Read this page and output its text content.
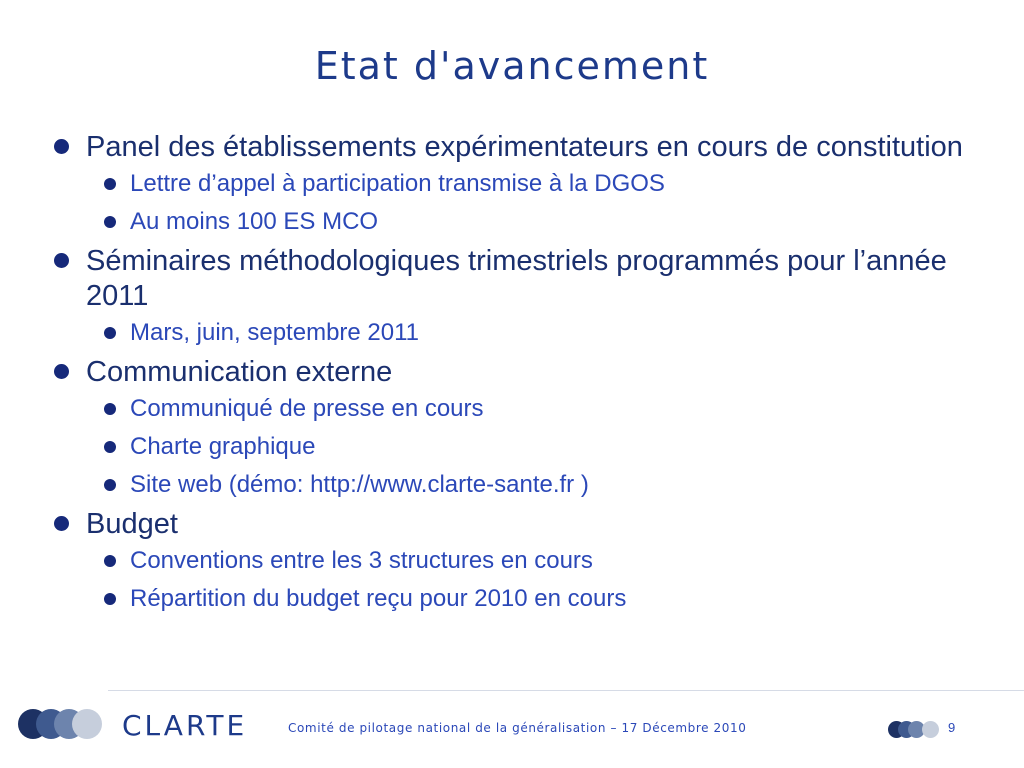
Etat d'avancement

Panel des établissements expérimentateurs en cours de constitution

Lettre d’appel à participation transmise à la DGOS

Au moins 100 ES MCO

Séminaires méthodologiques trimestriels programmés pour l’année 2011

Mars, juin, septembre 2011

Communication externe

Communiqué de presse en cours

Charte graphique

Site web (démo: http://www.clarte-sante.fr )

Budget

Conventions entre les 3 structures en cours

Répartition du budget reçu pour 2010 en cours

CLARTE	Comité de pilotage national de la généralisation – 17 Décembre 2010	9
